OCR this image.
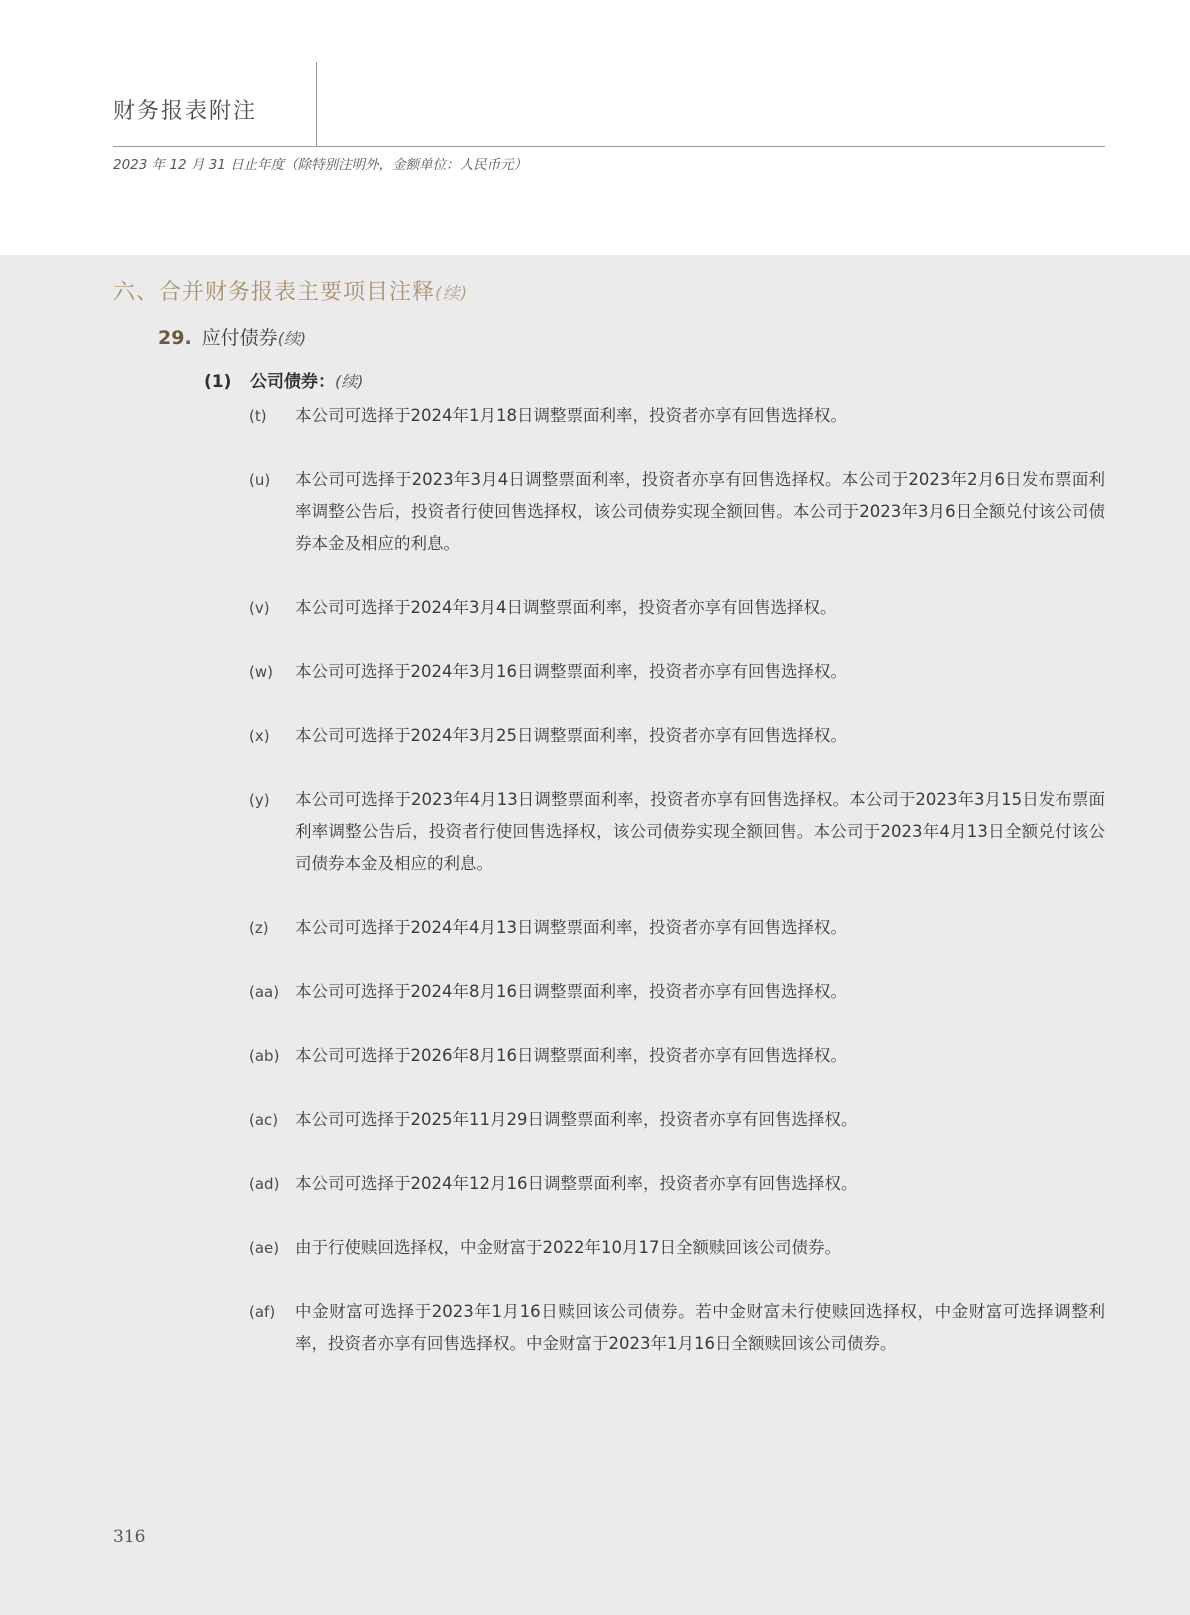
财务报表附注
2023 年 12 月 31 日止年度（除特别注明外，金额单位：人民币元）
六、合并财务报表主要项目注释(续)
29. 应付债券(续)
(1) 公司债券：(续)
(t)	本公司可选择于2024年1月18日调整票面利率，投资者亦享有回售选择权。
(u)	本公司可选择于2023年3月4日调整票面利率，投资者亦享有回售选择权。本公司于2023年2月6日发布票面利率调整公告后，投资者行使回售选择权，该公司债券实现全额回售。本公司于2023年3月6日全额兑付该公司债券本金及相应的利息。
(v)	本公司可选择于2024年3月4日调整票面利率，投资者亦享有回售选择权。
(w)	本公司可选择于2024年3月16日调整票面利率，投资者亦享有回售选择权。
(x)	本公司可选择于2024年3月25日调整票面利率，投资者亦享有回售选择权。
(y)	本公司可选择于2023年4月13日调整票面利率，投资者亦享有回售选择权。本公司于2023年3月15日发布票面利率调整公告后，投资者行使回售选择权，该公司债券实现全额回售。本公司于2023年4月13日全额兑付该公司债券本金及相应的利息。
(z)	本公司可选择于2024年4月13日调整票面利率，投资者亦享有回售选择权。
(aa) 本公司可选择于2024年8月16日调整票面利率，投资者亦享有回售选择权。
(ab) 本公司可选择于2026年8月16日调整票面利率，投资者亦享有回售选择权。
(ac)	本公司可选择于2025年11月29日调整票面利率，投资者亦享有回售选择权。
(ad) 本公司可选择于2024年12月16日调整票面利率，投资者亦享有回售选择权。
(ae) 由于行使赎回选择权，中金财富于2022年10月17日全额赎回该公司债券。
(af)	中金财富可选择于2023年1月16日赎回该公司债券。若中金财富未行使赎回选择权，中金财富可选择调整利率，投资者亦享有回售选择权。中金财富于2023年1月16日全额赎回该公司债券。
316
